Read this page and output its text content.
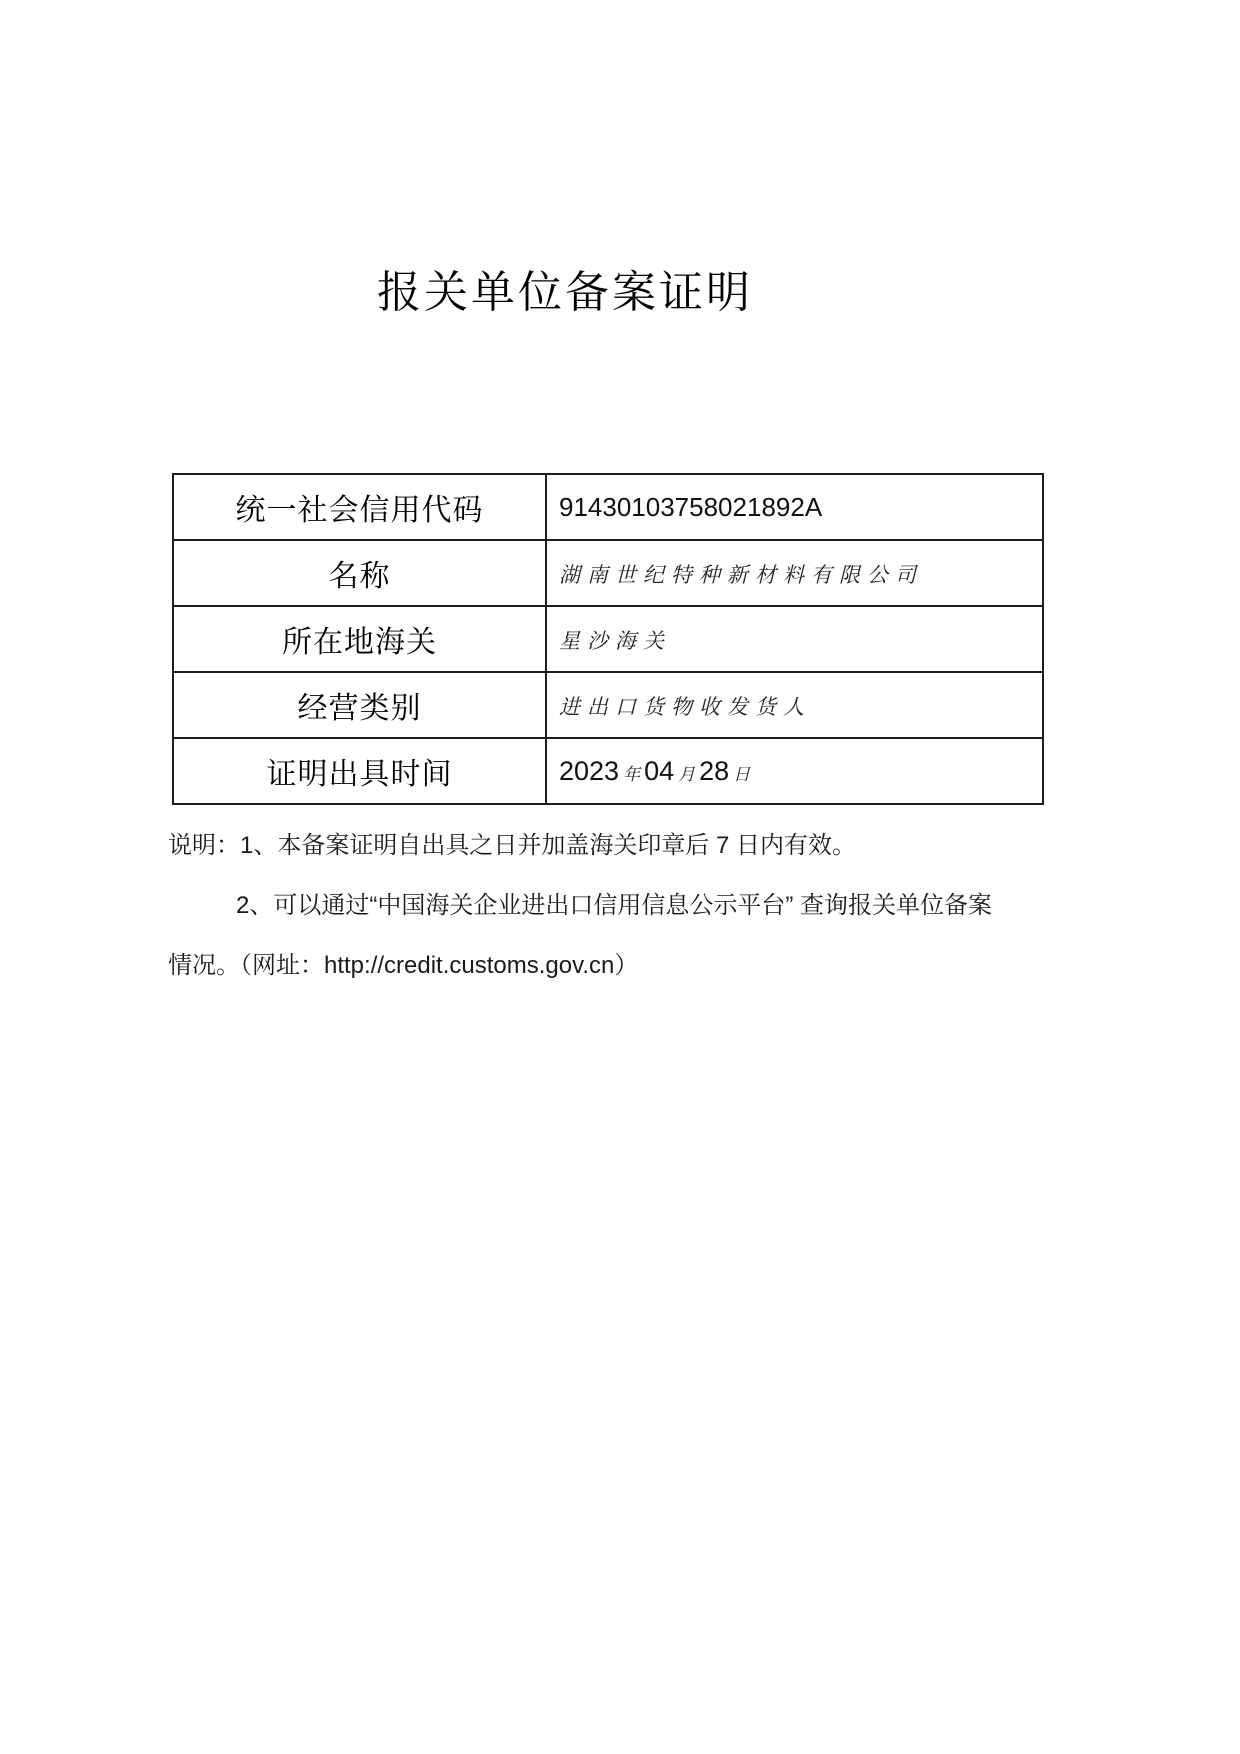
报关单位备案证明
统一社会信用代码	91430103758021892A
名称	湖南世纪特种新材料有限公司
所在地海关	星沙海关
经营类别	进出口货物收发货人
证明出具时间	2023 年 04 月 28 日
说明：1、本备案证明自出具之日并加盖海关印章后 7 日内有效。
2、可以通过“中国海关企业进出口信用信息公示平台” 查询报关单位备案
情况。（网址：http://credit.customs.gov.cn）
